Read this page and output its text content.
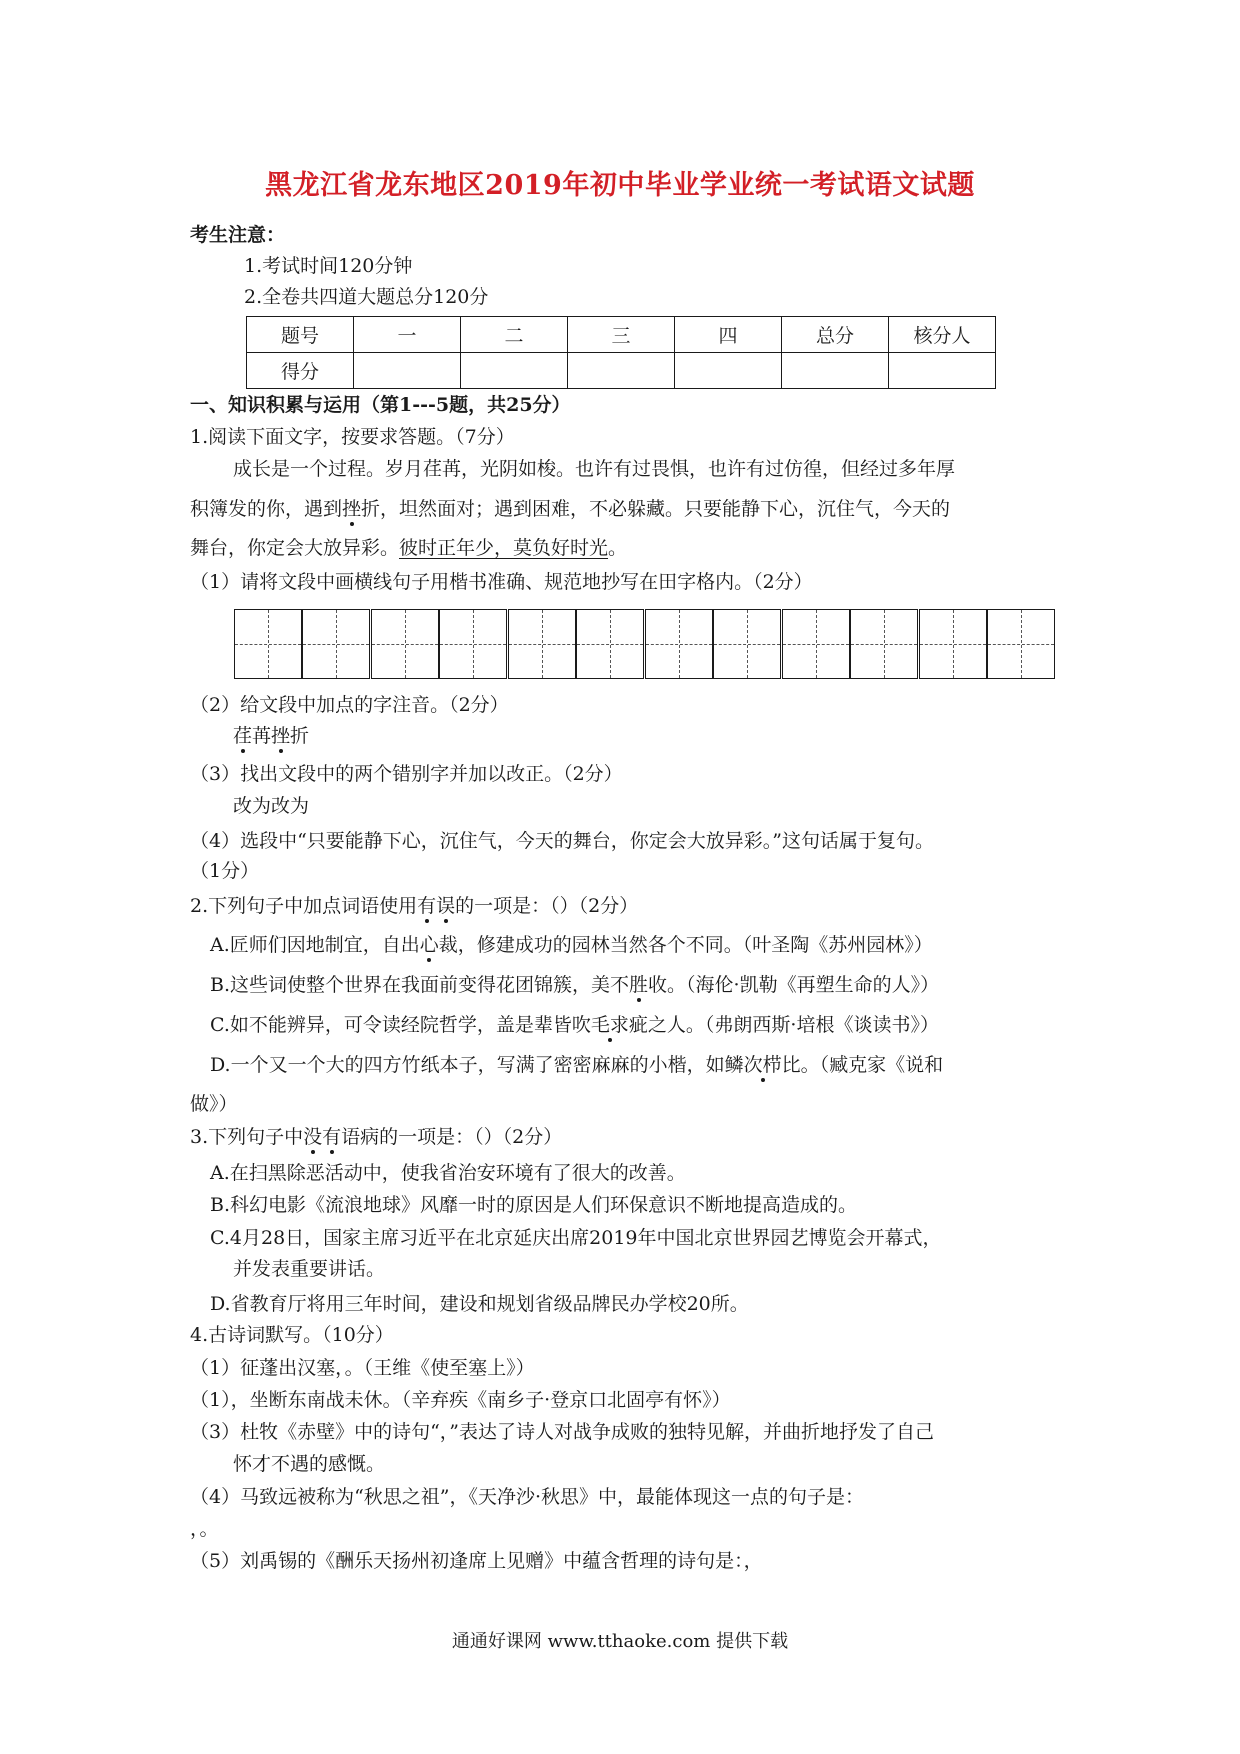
黑龙江省龙东地区2019年初中毕业学业统一考试语文试题
考生注意：
1.考试时间120分钟
2.全卷共四道大题总分120分
题号	一	二	三	四	总分	核分人
得分						
一、知识积累与运用（第1---5题，共25分）
1.阅读下面文字，按要求答题。（7分）
成长是一个过程。岁月荏苒，光阴如梭。也许有过畏惧，也许有过仿徨，但经过多年厚
积簿发的你，遇到挫折，坦然面对；遇到困难，不必躲藏。只要能静下心，沉住气，今天的
舞台，你定会大放异彩。彼时正年少，莫负好时光。
（1）请将文段中画横线句子用楷书准确、规范地抄写在田字格内。（2分）
（2）给文段中加点的字注音。（2分）
荏苒挫折
（3）找出文段中的两个错别字并加以改正。（2分）
改为改为
（4）选段中“只要能静下心，沉住气，今天的舞台，你定会大放异彩。”这句话属于复句。
（1分）
2.下列句子中加点词语使用有误的一项是：（）（2分）
A.匠师们因地制宜，自出心裁，修建成功的园林当然各个不同。（叶圣陶《苏州园林》）
B.这些词使整个世界在我面前变得花团锦簇，美不胜收。（海伦·凯勒《再塑生命的人》）
C.如不能辨异，可令读经院哲学，盖是辈皆吹毛求疵之人。（弗朗西斯·培根《谈读书》）
D.一个又一个大的四方竹纸本子，写满了密密麻麻的小楷，如鳞次栉比。（臧克家《说和
做》）
3.下列句子中没有语病的一项是：（）（2分）
A.在扫黑除恶活动中，使我省治安环境有了很大的改善。
B.科幻电影《流浪地球》风靡一时的原因是人们环保意识不断地提高造成的。
C.4月28日，国家主席习近平在北京延庆出席2019年中国北京世界园艺博览会开幕式，
并发表重要讲话。
D.省教育厅将用三年时间，建设和规划省级品牌民办学校20所。
4.古诗词默写。（10分）
（1）征蓬出汉塞，。（王维《使至塞上》）
（1），坐断东南战未休。（辛弃疾《南乡子·登京口北固亭有怀》）
（3）杜牧《赤壁》中的诗句“，”表达了诗人对战争成败的独特见解，并曲折地抒发了自己
怀才不遇的感慨。
（4）马致远被称为“秋思之祖”，《天净沙·秋思》中，最能体现这一点的句子是：
，。
（5）刘禹锡的《酬乐天扬州初逢席上见赠》中蕴含哲理的诗句是：，
通通好课网 www.tthaoke.com 提供下载
